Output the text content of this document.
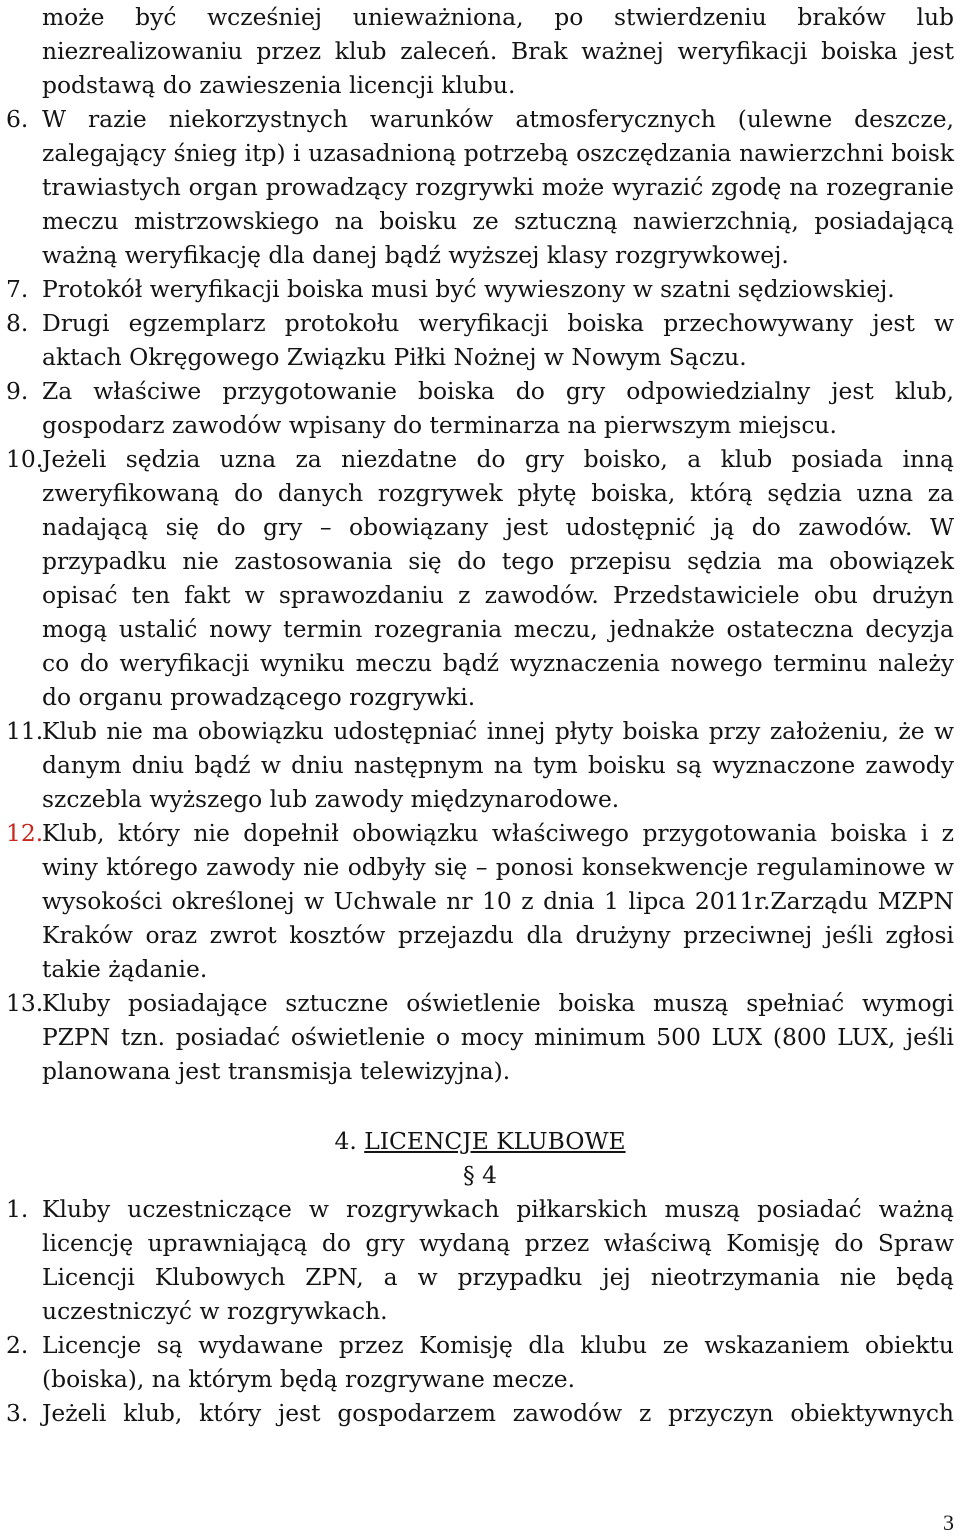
może być wcześniej unieważniona, po stwierdzeniu braków lub niezrealizowaniu przez klub zaleceń. Brak ważnej weryfikacji boiska jest podstawą do zawieszenia licencji klubu.
6. W razie niekorzystnych warunków atmosferycznych (ulewne deszcze, zalegający śnieg itp) i uzasadnioną potrzebą oszczędzania nawierzchni boisk trawiastych organ prowadzący rozgrywki może wyrazić zgodę na rozegranie meczu mistrzowskiego na boisku ze sztuczną nawierzchnią, posiadającą ważną weryfikację dla danej bądź wyższej klasy rozgrywkowej.
7. Protokół weryfikacji boiska musi być wywieszony w szatni sędziowskiej.
8. Drugi egzemplarz protokołu weryfikacji boiska przechowywany jest w aktach Okręgowego Związku Piłki Nożnej w Nowym Sączu.
9. Za właściwe przygotowanie boiska do gry odpowiedzialny jest klub, gospodarz zawodów wpisany do terminarza na pierwszym miejscu.
10.
Jeżeli sędzia uzna za niezdatne do gry boisko, a klub posiada inną zweryfikowaną do danych rozgrywek płytę boiska, którą sędzia uzna za nadającą się do gry – obowiązany jest udostępnić ją do zawodów. W przypadku nie zastosowania się do tego przepisu sędzia ma obowiązek opisać ten fakt w sprawozdaniu z zawodów. Przedstawiciele obu drużyn mogą ustalić nowy termin rozegrania meczu, jednakże ostateczna decyzja co do weryfikacji wyniku meczu bądź wyznaczenia nowego terminu należy do organu prowadzącego rozgrywki.
11.
Klub nie ma obowiązku udostępniać innej płyty boiska przy założeniu, że w danym dniu bądź w dniu następnym na tym boisku są wyznaczone zawody szczebla wyższego lub zawody międzynarodowe.
12.
Klub, który nie dopełnił obowiązku właściwego przygotowania boiska i z winy którego zawody nie odbyły się – ponosi konsekwencje regulaminowe w wysokości określonej w Uchwale nr 10 z dnia 1 lipca 2011r.Zarządu MZPN Kraków oraz zwrot kosztów przejazdu dla drużyny przeciwnej jeśli zgłosi takie żądanie.
13.
Kluby posiadające sztuczne oświetlenie boiska muszą spełniać wymogi PZPN tzn. posiadać oświetlenie o mocy minimum 500 LUX (800 LUX, jeśli planowana jest transmisja telewizyjna).
4. LICENCJE KLUBOWE
§ 4
1. Kluby uczestniczące w rozgrywkach piłkarskich muszą posiadać ważną licencję uprawniającą do gry wydaną przez właściwą Komisję do Spraw Licencji Klubowych ZPN, a w przypadku jej nieotrzymania nie będą uczestniczyć w rozgrywkach.
2. Licencje są wydawane przez Komisję dla klubu ze wskazaniem obiektu (boiska), na którym będą rozgrywane mecze.
3. Jeżeli klub, który jest gospodarzem zawodów z przyczyn obiektywnych
3
